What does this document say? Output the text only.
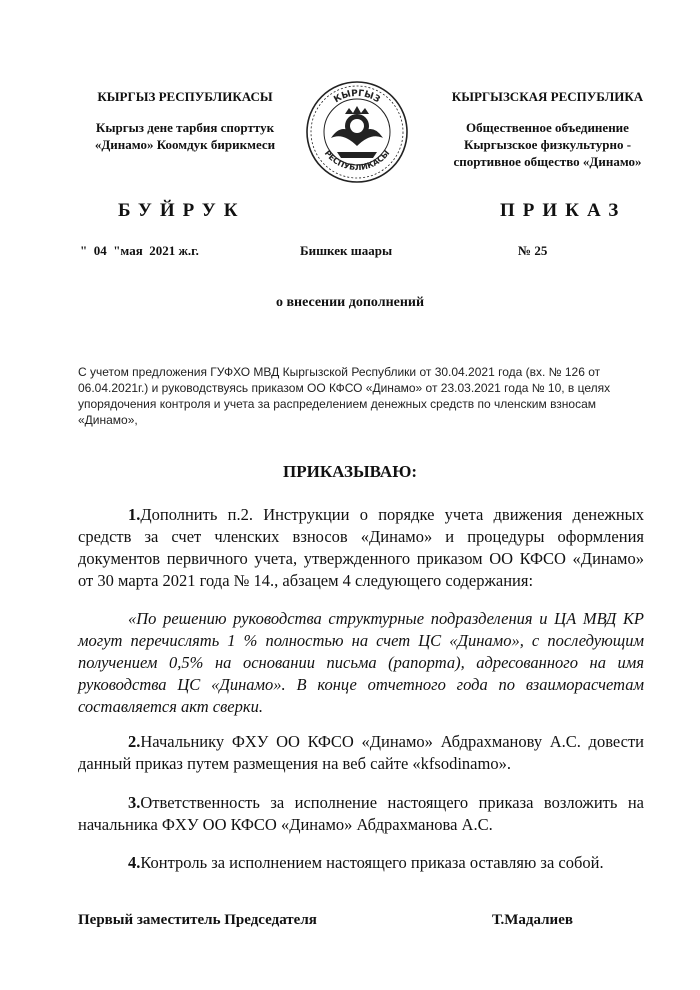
КЫРГЫЗ РЕСПУБЛИКАСЫ
Кыргыз дене тарбия спорттук
«Динамо» Коомдук бирикмеси
КЫРГЫЗ
РЕСПУБЛИКАСЫ
КЫРГЫЗСКАЯ РЕСПУБЛИКА
Общественное объединение
Кыргызское физкультурно -
спортивное общество «Динамо»
БУЙРУК	ПРИКАЗ
"  04  "мая  2021 ж.г.	Бишкек шаары	№ 25
о внесении дополнений
С учетом предложения ГУФХО МВД Кыргызской Республики от 30.04.2021 года (вх. № 126 от 06.04.2021г.) и руководствуясь приказом ОО КФСО «Динамо» от 23.03.2021 года № 10, в целях упорядочения контроля и учета за распределением денежных средств по членским взносам «Динамо»,
ПРИКАЗЫВАЮ:
1.Дополнить п.2. Инструкции о порядке учета движения денежных средств за счет членских взносов «Динамо» и процедуры оформления документов первичного учета, утвержденного приказом ОО КФСО «Динамо» от 30 марта 2021 года № 14., абзацем 4 следующего содержания:
«По решению руководства структурные подразделения и ЦА МВД КР могут перечислять 1 % полностью на счет ЦС «Динамо», с последующим получением 0,5% на основании письма (рапорта), адресованного на имя руководства ЦС «Динамо». В конце отчетного года по взаиморасчетам составляется акт сверки.
2.Начальнику ФХУ ОО КФСО «Динамо» Абдрахманову А.С. довести данный приказ путем размещения на веб сайте «kfsodinamo».
3.Ответственность за исполнение настоящего приказа возложить на начальника ФХУ ОО КФСО «Динамо» Абдрахманова А.С.
4.Контроль за исполнением настоящего приказа оставляю за собой.
Первый заместитель Председателя	Т.Мадалиев
